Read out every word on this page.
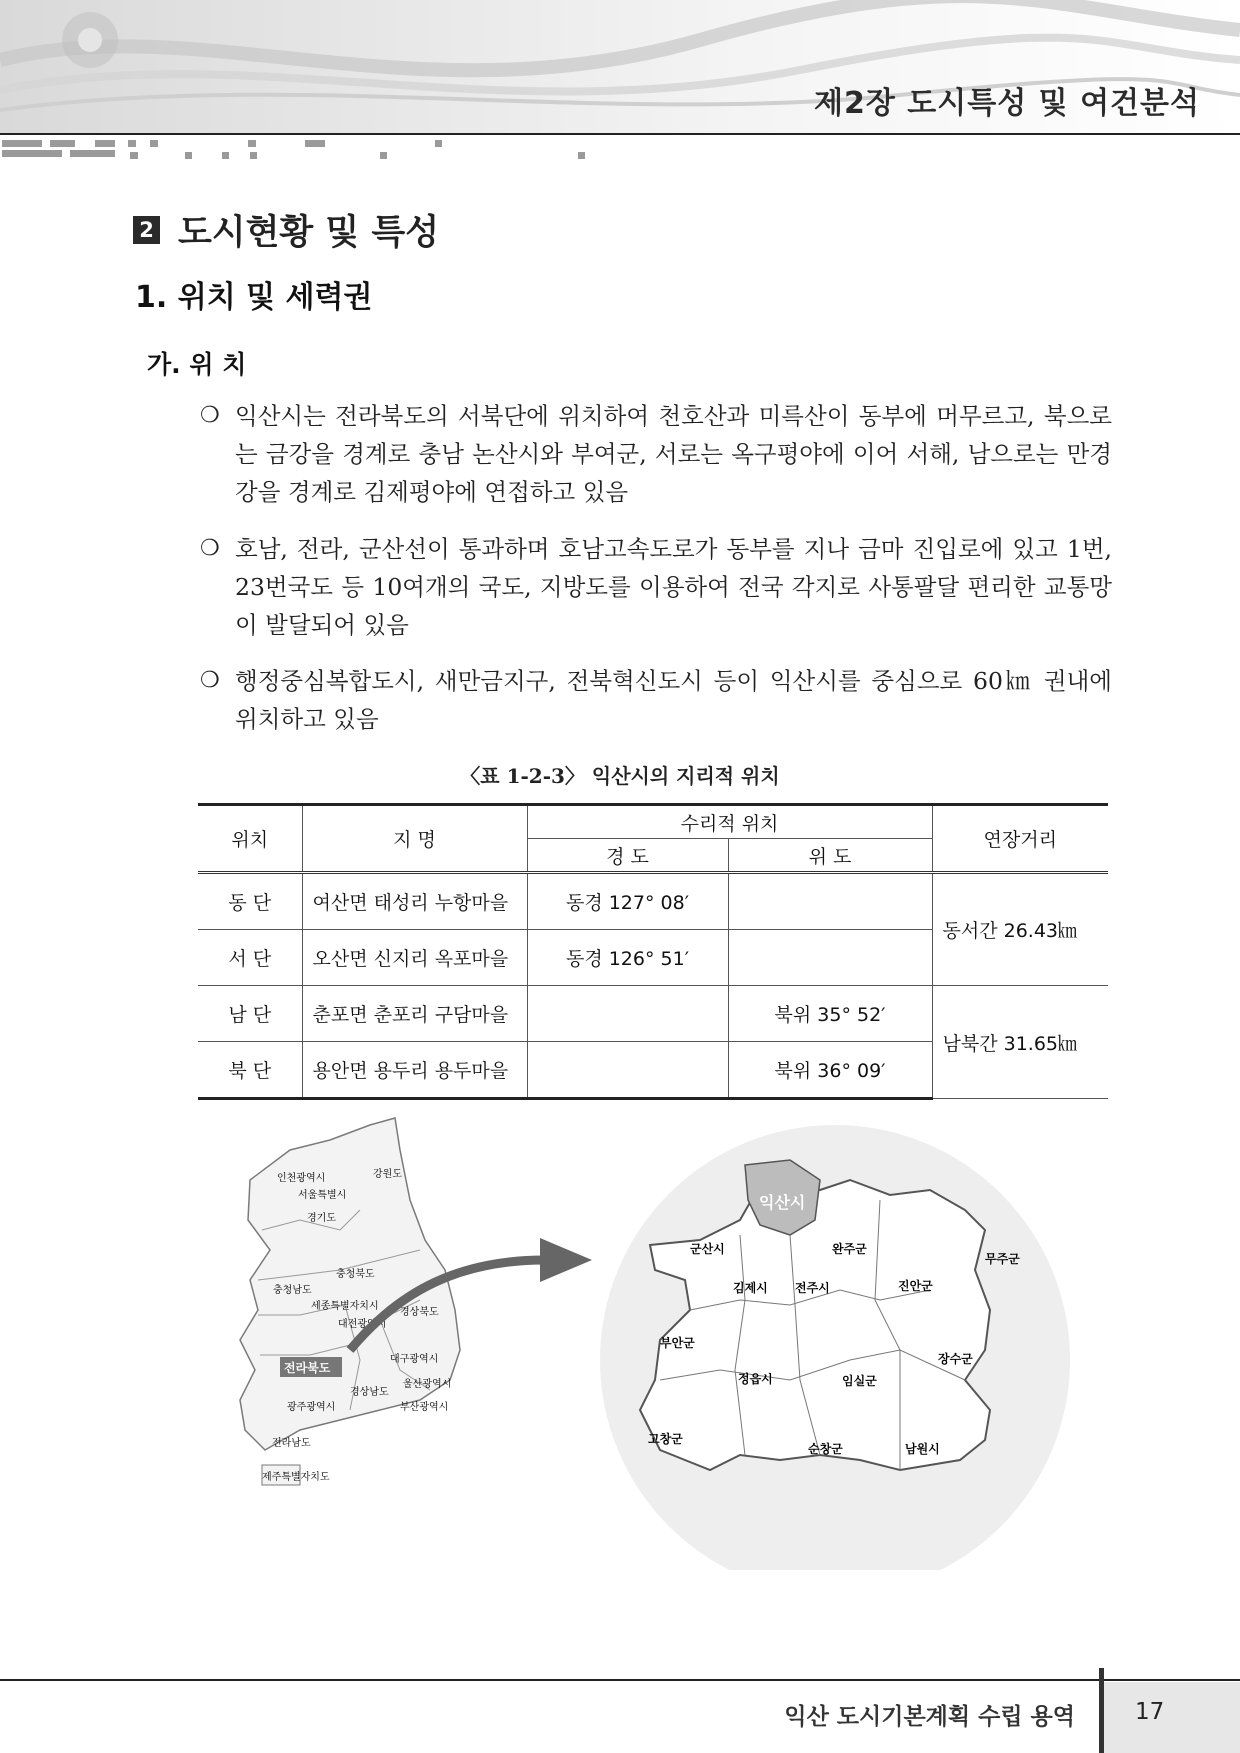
제2장 도시특성 및 여건분석
2 도시현황 및 특성
1. 위치 및 세력권
가. 위 치
❍ 익산시는 전라북도의 서북단에 위치하여 천호산과 미륵산이 동부에 머무르고, 북으로는 금강을 경계로 충남 논산시와 부여군, 서로는 옥구평야에 이어 서해, 남으로는 만경강을 경계로 김제평야에 연접하고 있음
❍ 호남, 전라, 군산선이 통과하며 호남고속도로가 동부를 지나 금마 진입로에 있고 1번, 23번국도 등 10여개의 국도, 지방도를 이용하여 전국 각지로 사통팔달 편리한 교통망이 발달되어 있음
❍ 행정중심복합도시, 새만금지구, 전북혁신도시 등이 익산시를 중심으로 60㎞ 권내에 위치하고 있음
〈표 1-2-3〉 익산시의 지리적 위치
위치	지 명	수리적 위치		연장거리
		경 도	위 도	
동 단	여산면 태성리 누항마을	동경 127° 08′		동서간 26.43㎞
서 단	오산면 신지리 옥포마을	동경 126° 51′		
남 단	춘포면 춘포리 구담마을		북위 35° 52′	남북간 31.65㎞
북 단	용안면 용두리 용두마을		북위 36° 09′	
인천광역시	강원도
서울특별시
경기도
충청남도
충청북도
세종특별자치시
경상북도
대전광역시
전라북도
대구광역시
울산광역시
경상남도
광주광역시	부산광역시
전라남도
제주특별자치도
익산시
군산시	완주군
무주군
김제시 전주시	진안군
부안군
장수군
정읍시	임실군
고창군
순창군	남원시
익산 도시기본계획 수립 용역	17
